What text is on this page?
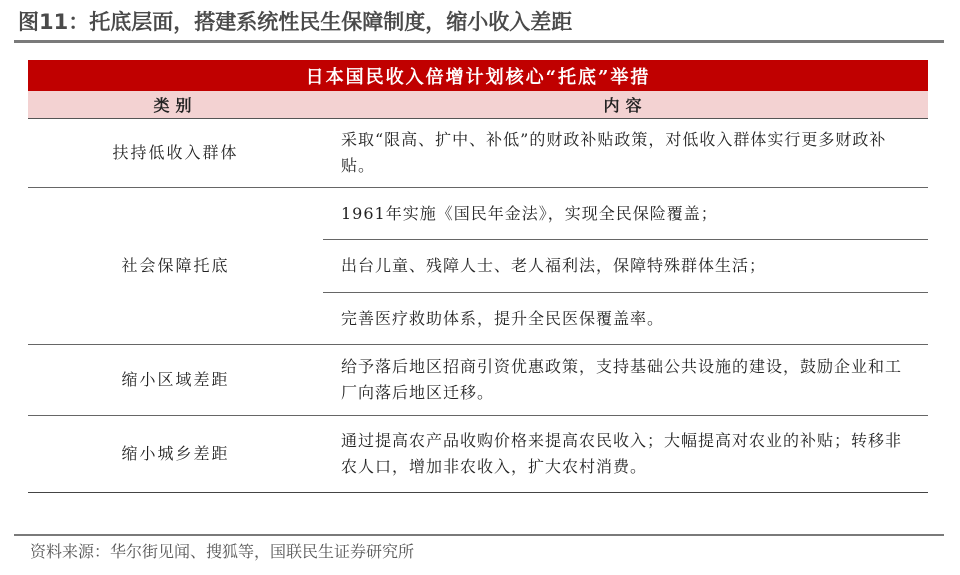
图11：托底层面，搭建系统性民生保障制度，缩小收入差距
日本国民收入倍增计划核心“托底”举措	
类别	内容
扶持低收入群体	采取“限高、扩中、补低”的财政补贴政策，对低收入群体实行更多财政补贴。
社会保障托底	1961年实施《国民年金法》，实现全民保险覆盖；
	出台儿童、残障人士、老人福利法，保障特殊群体生活；
	完善医疗救助体系，提升全民医保覆盖率。
缩小区域差距	给予落后地区招商引资优惠政策，支持基础公共设施的建设，鼓励企业和工厂向落后地区迁移。
缩小城乡差距	通过提高农产品收购价格来提高农民收入；大幅提高对农业的补贴；转移非农人口，增加非农收入，扩大农村消费。
资料来源：华尔街见闻、搜狐等，国联民生证券研究所
